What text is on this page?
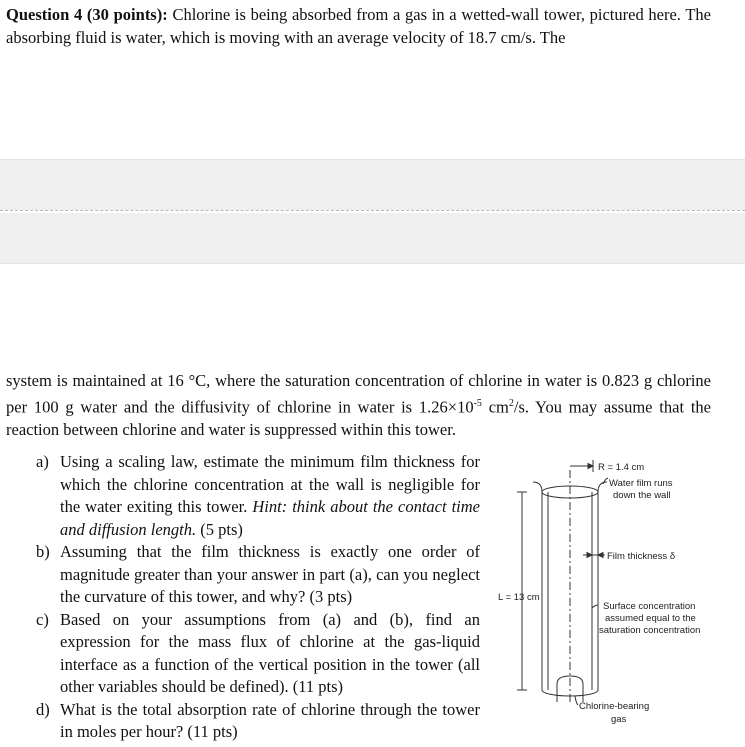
Question 4 (30 points): Chlorine is being absorbed from a gas in a wetted-wall tower, pictured here. The absorbing fluid is water, which is moving with an average velocity of 18.7 cm/s. The
system is maintained at 16 °C, where the saturation concentration of chlorine in water is 0.823 g chlorine per 100 g water and the diffusivity of chlorine in water is $1.26\times 10^{-5}$ $cm^2/s$. You may assume that the reaction between chlorine and water is suppressed within this tower.
a) Using a scaling law, estimate the minimum film thickness for which the chlorine concentration at the wall is negligible for the water exiting this tower. Hint: think about the contact time and diffusion length. (5 pts)
b) Assuming that the film thickness is exactly one order of magnitude greater than your answer in part (a), can you neglect the curvature of this tower, and why? (3 pts)
c) Based on your assumptions from (a) and (b), find an expression for the mass flux of chlorine at the gas-liquid interface as a function of the vertical position in the tower (all other variables should be defined). (11 pts)
d) What is the total absorption rate of chlorine through the tower in moles per hour? (11 pts)
R = 1.4 cm
Water film runs
down the wall
Film thickness δ
L = 13 cm
Surface concentration
assumed equal to the
saturation concentration
Chlorine-bearing
gas
